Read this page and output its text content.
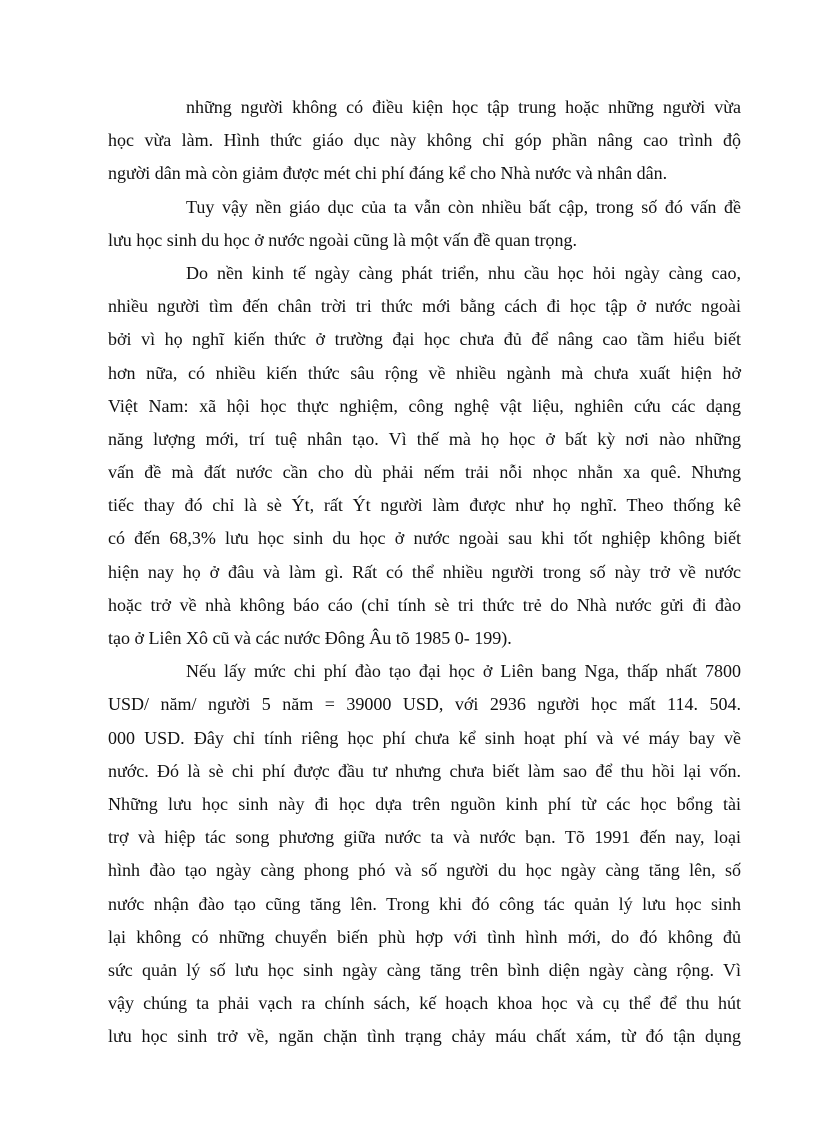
những người không có điều kiện học tập trung hoặc những người vừa
học vừa làm. Hình thức giáo dục này không chỉ góp phần nâng cao trình độ
người dân mà còn giảm được mét chi phí đáng kể cho Nhà nước và nhân dân.
Tuy vậy nền giáo dục của ta vẫn còn nhiều bất cập, trong số đó vấn đề
lưu học sinh du học ở nước ngoài cũng là một vấn đề quan trọng.
Do nền kinh tế ngày càng phát triển, nhu cầu học hỏi ngày càng cao,
nhiều người tìm đến chân trời tri thức mới bằng cách đi học tập ở nước ngoài
bởi vì họ nghĩ kiến thức ở trường đại học chưa đủ để nâng cao tầm hiểu biết
hơn nữa, có nhiều kiến thức sâu rộng về nhiều ngành mà chưa xuất hiện hở
Việt Nam: xã hội học thực nghiệm, công nghệ vật liệu, nghiên cứu các dạng
năng lượng mới, trí tuệ nhân tạo. Vì thế mà họ học ở bất kỳ nơi nào những
vấn đề mà đất nước cần cho dù phải nếm trải nỗi nhọc nhằn xa quê. Nhưng
tiếc thay đó chỉ là sè Ýt, rất Ýt người làm được như họ nghĩ. Theo thống kê
có đến 68,3% lưu học sinh du học ở nước ngoài sau khi tốt nghiệp không biết
hiện nay họ ở đâu và làm gì. Rất có thể nhiều người trong số này trở về nước
hoặc trở về nhà không báo cáo (chỉ tính sè tri thức trẻ do Nhà nước gửi đi đào
tạo ở Liên Xô cũ và các nước Đông Âu tõ 1985 0- 199).
Nếu lấy mức chi phí đào tạo đại học ở Liên bang Nga, thấp nhất 7800
USD/ năm/ người 5 năm = 39000 USD, với 2936 người học mất 114. 504.
000 USD. Đây chỉ tính riêng học phí chưa kể sinh hoạt phí và vé máy bay về
nước. Đó là sè chi phí được đầu tư nhưng chưa biết làm sao để thu hồi lại vốn.
Những lưu học sinh này đi học dựa trên nguồn kinh phí từ các học bổng tài
trợ và hiệp tác song phương giữa nước ta và nước bạn. Tõ 1991 đến nay, loại
hình đào tạo ngày càng phong phó và số người du học ngày càng tăng lên, số
nước nhận đào tạo cũng tăng lên. Trong khi đó công tác quản lý lưu học sinh
lại không có những chuyển biến phù hợp với tình hình mới, do đó không đủ
sức quản lý số lưu học sinh ngày càng tăng trên bình diện ngày càng rộng. Vì
vậy chúng ta phải vạch ra chính sách, kế hoạch khoa học và cụ thể để thu hút
lưu học sinh trở về, ngăn chặn tình trạng chảy máu chất xám, từ đó tận dụng
